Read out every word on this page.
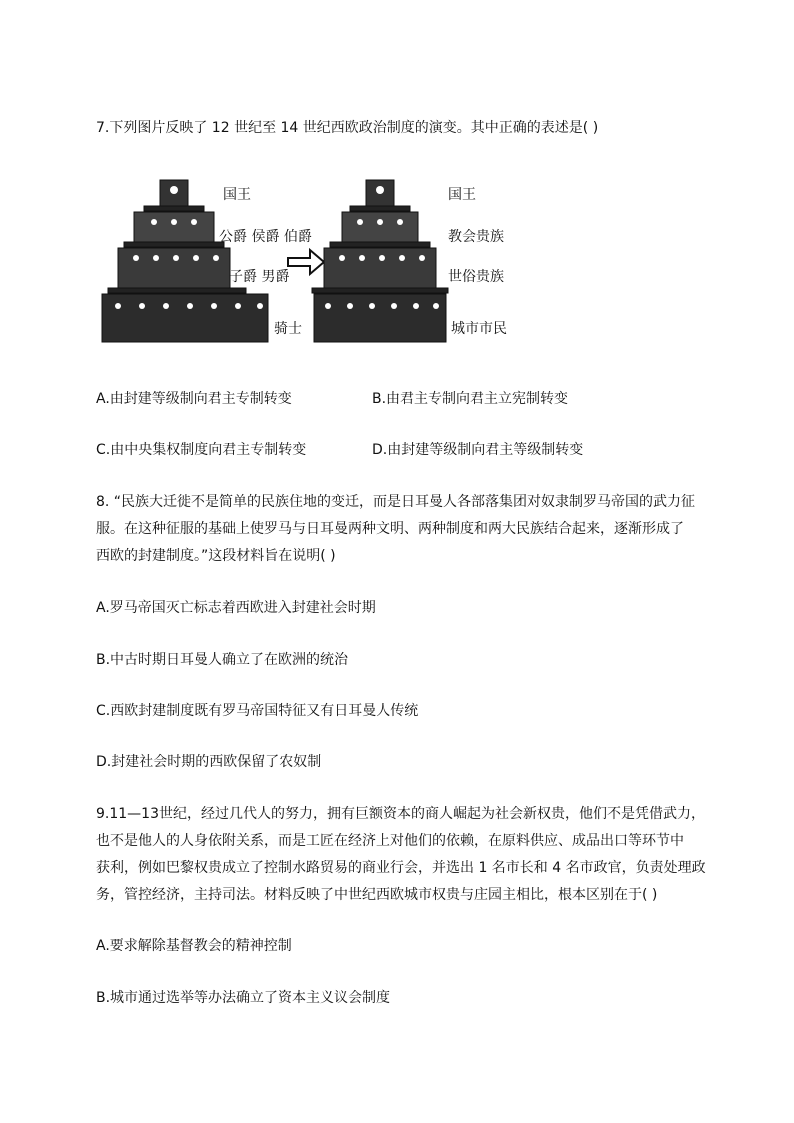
7.下列图片反映了 12 世纪至 14 世纪西欧政治制度的演变。其中正确的表述是( )
国王
公爵 侯爵 伯爵
子爵 男爵
骑士
国王
教会贵族
世俗贵族
城市市民
A.由封建等级制向君主专制转变	B.由君主专制向君主立宪制转变
C.由中央集权制度向君主专制转变	D.由封建等级制向君主等级制转变
8. “民族大迁徙不是简单的民族住地的变迁，而是日耳曼人各部落集团对奴隶制罗马帝国的武力征
服。在这种征服的基础上使罗马与日耳曼两种文明、两种制度和两大民族结合起来，逐渐形成了
西欧的封建制度。”这段材料旨在说明( )
A.罗马帝国灭亡标志着西欧进入封建社会时期
B.中古时期日耳曼人确立了在欧洲的统治
C.西欧封建制度既有罗马帝国特征又有日耳曼人传统
D.封建社会时期的西欧保留了农奴制
9.11—13世纪，经过几代人的努力，拥有巨额资本的商人崛起为社会新权贵，他们不是凭借武力，
也不是他人的人身依附关系，而是工匠在经济上对他们的依赖，在原料供应、成品出口等环节中
获利，例如巴黎权贵成立了控制水路贸易的商业行会，并选出 1 名市长和 4 名市政官，负责处理政
务，管控经济，主持司法。材料反映了中世纪西欧城市权贵与庄园主相比，根本区别在于( )
A.要求解除基督教会的精神控制
B.城市通过选举等办法确立了资本主义议会制度
